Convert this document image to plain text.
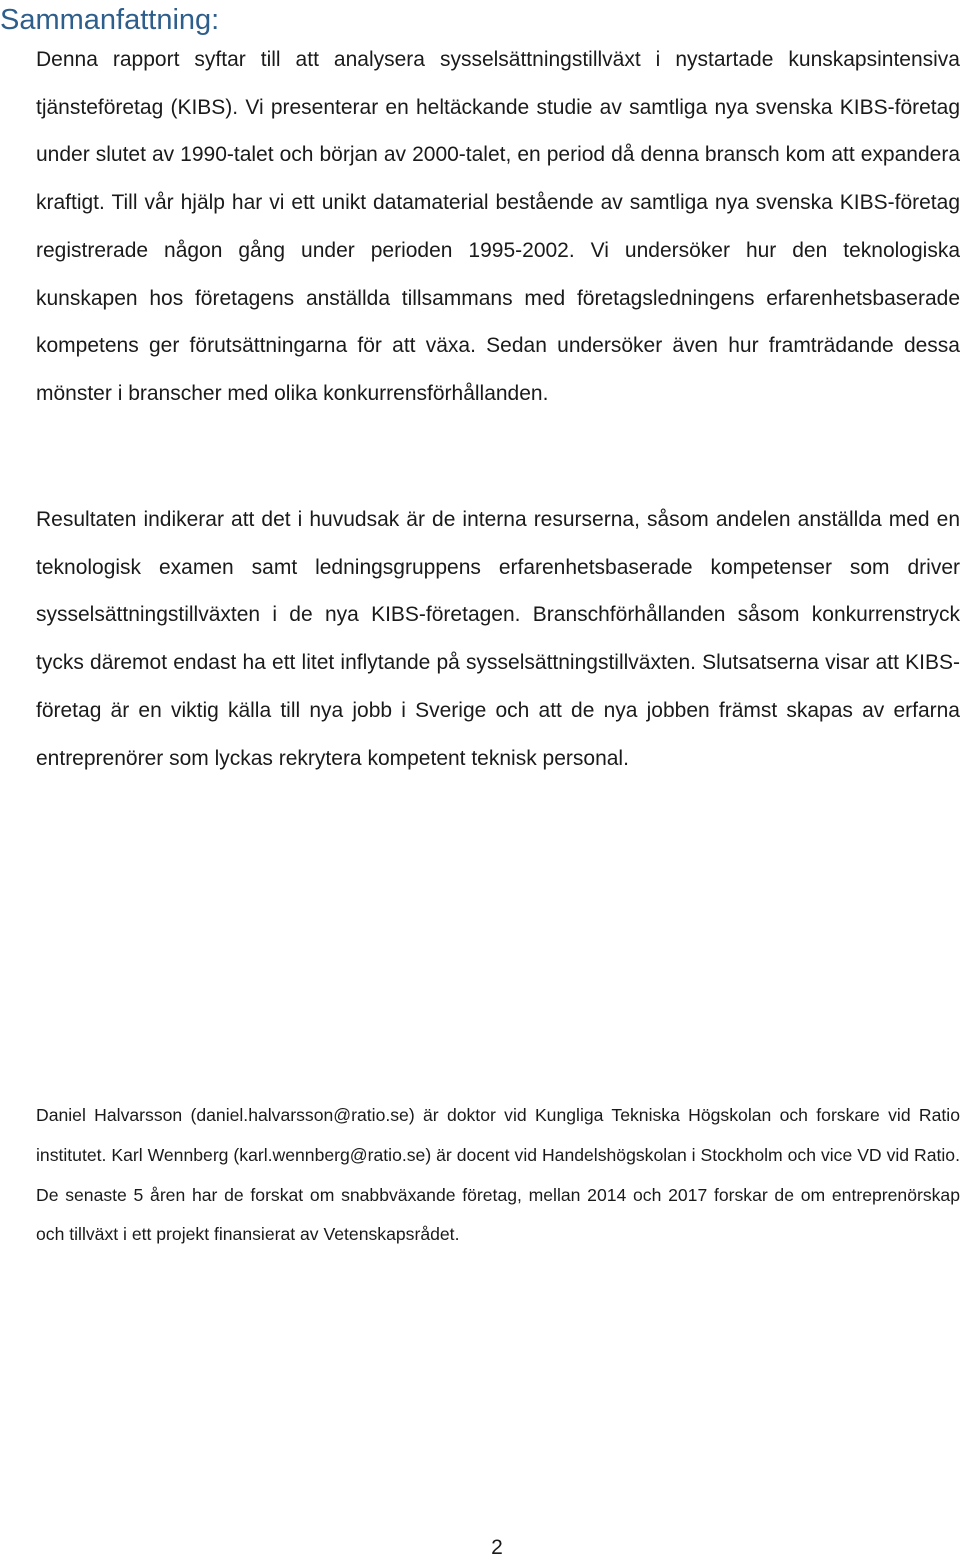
Sammanfattning:

Denna rapport syftar till att analysera sysselsättningstillväxt i nystartade kunskapsintensiva tjänsteföretag (KIBS). Vi presenterar en heltäckande studie av samtliga nya svenska KIBS-företag under slutet av 1990-talet och början av 2000-talet, en period då denna bransch kom att expandera kraftigt. Till vår hjälp har vi ett unikt datamaterial bestående av samtliga nya svenska KIBS-företag registrerade någon gång under perioden 1995-2002. Vi undersöker hur den teknologiska kunskapen hos företagens anställda tillsammans med företagsledningens erfarenhetsbaserade kompetens ger förutsättningarna för att växa. Sedan undersöker även hur framträdande dessa mönster i branscher med olika konkurrensförhållanden.

Resultaten indikerar att det i huvudsak är de interna resurserna, såsom andelen anställda med en teknologisk examen samt ledningsgruppens erfarenhetsbaserade kompetenser som driver sysselsättningstillväxten i de nya KIBS-företagen. Branschförhållanden såsom konkurrenstryck tycks däremot endast ha ett litet inflytande på sysselsättningstillväxten. Slutsatserna visar att KIBS-företag är en viktig källa till nya jobb i Sverige och att de nya jobben främst skapas av erfarna entreprenörer som lyckas rekrytera kompetent teknisk personal.

Daniel Halvarsson (daniel.halvarsson@ratio.se) är doktor vid Kungliga Tekniska Högskolan och forskare vid Ratio institutet. Karl Wennberg (karl.wennberg@ratio.se) är docent vid Handelshögskolan i Stockholm och vice VD vid Ratio. De senaste 5 åren har de forskat om snabbväxande företag, mellan 2014 och 2017 forskar de om entreprenörskap och tillväxt i ett projekt finansierat av Vetenskapsrådet.

2
